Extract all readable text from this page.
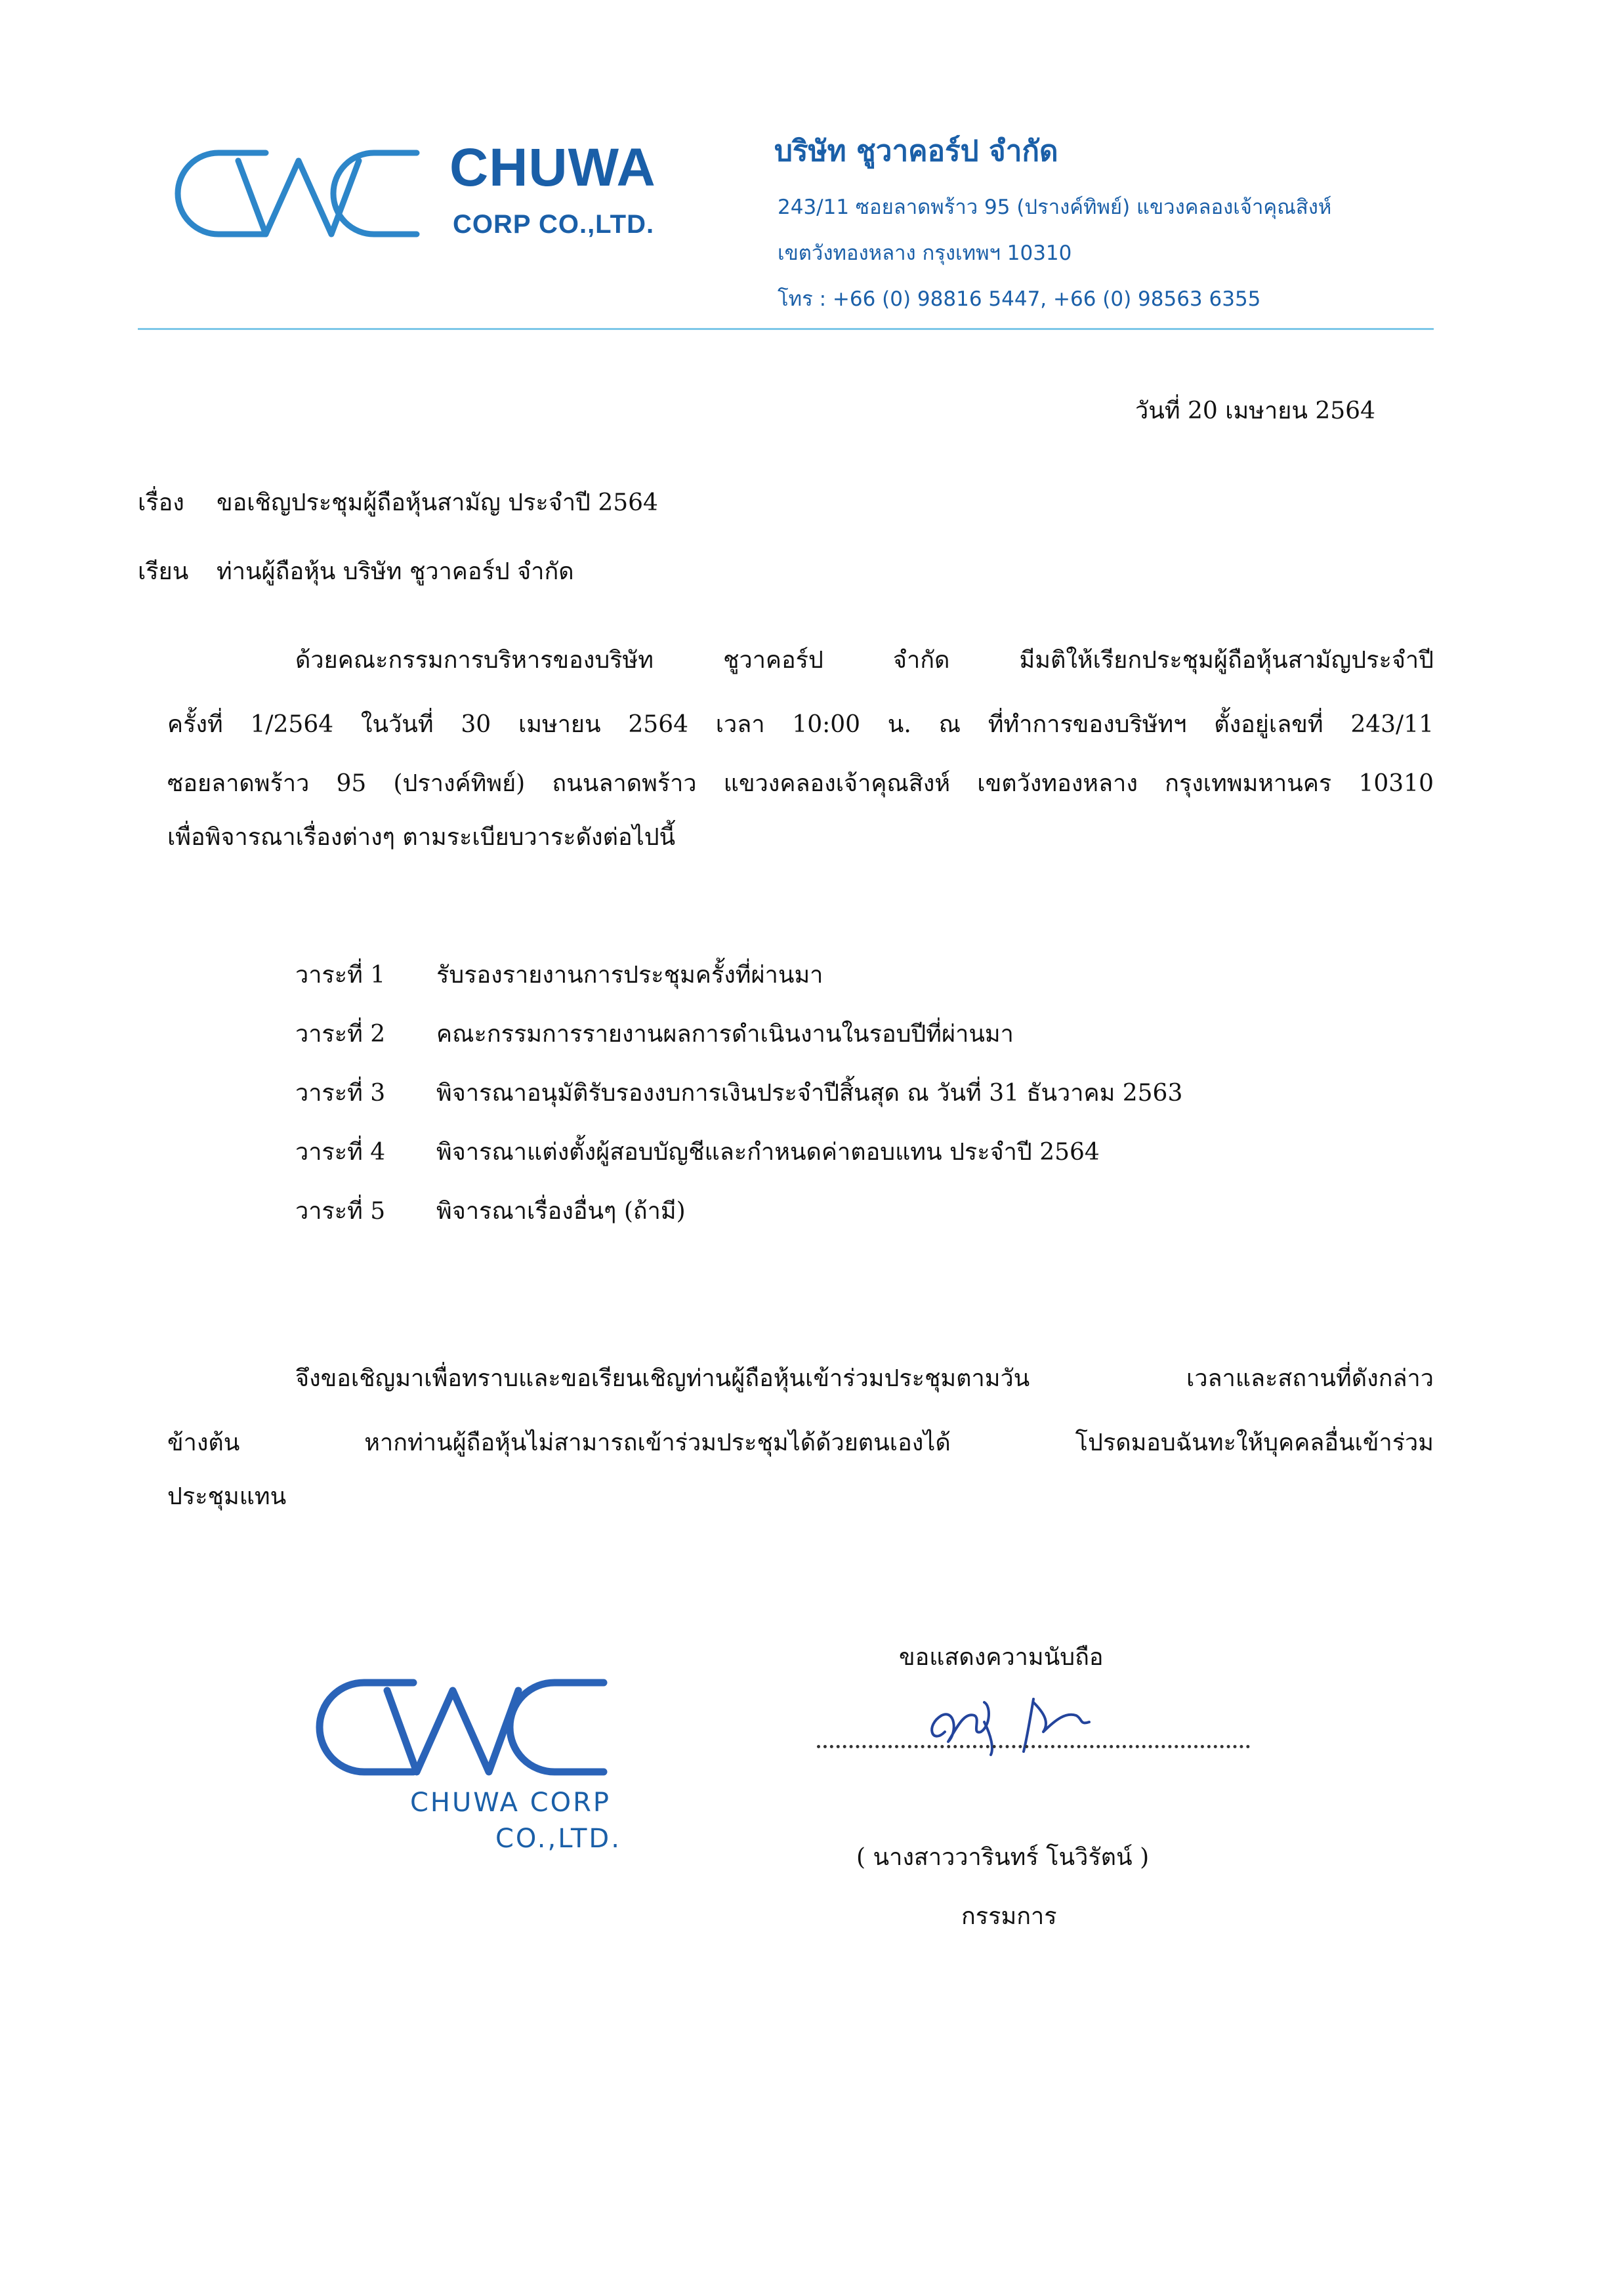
CHUWA
CORP CO.,LTD.
บริษัท ชูวาคอร์ป จำกัด
243/11 ซอยลาดพร้าว 95 (ปรางค์ทิพย์) แขวงคลองเจ้าคุณสิงห์
เขตวังทองหลาง กรุงเทพฯ 10310
โทร : +66 (0) 98816 5447, +66 (0) 98563 6355
วันที่ 20 เมษายน 2564
เรื่อง ขอเชิญประชุมผู้ถือหุ้นสามัญ ประจำปี 2564
เรียน ท่านผู้ถือหุ้น บริษัท ชูวาคอร์ป จำกัด
ด้วยคณะกรรมการบริหารของบริษัท ชูวาคอร์ป จำกัด มีมติให้เรียกประชุมผู้ถือหุ้นสามัญประจำปี
ครั้งที่ 1/2564 ในวันที่ 30 เมษายน 2564 เวลา 10:00 น. ณ ที่ทำการของบริษัทฯ ตั้งอยู่เลขที่ 243/11
ซอยลาดพร้าว 95 (ปรางค์ทิพย์) ถนนลาดพร้าว แขวงคลองเจ้าคุณสิงห์ เขตวังทองหลาง กรุงเทพมหานคร 10310
เพื่อพิจารณาเรื่องต่างๆ ตามระเบียบวาระดังต่อไปนี้
วาระที่ 1 รับรองรายงานการประชุมครั้งที่ผ่านมา
วาระที่ 2 คณะกรรมการรายงานผลการดำเนินงานในรอบปีที่ผ่านมา
วาระที่ 3 พิจารณาอนุมัติรับรองงบการเงินประจำปีสิ้นสุด ณ วันที่ 31 ธันวาคม 2563
วาระที่ 4 พิจารณาแต่งตั้งผู้สอบบัญชีและกำหนดค่าตอบแทน ประจำปี 2564
วาระที่ 5 พิจารณาเรื่องอื่นๆ (ถ้ามี)
จึงขอเชิญมาเพื่อทราบและขอเรียนเชิญท่านผู้ถือหุ้นเข้าร่วมประชุมตามวัน เวลาและสถานที่ดังกล่าว
ข้างต้น หากท่านผู้ถือหุ้นไม่สามารถเข้าร่วมประชุมได้ด้วยตนเองได้ โปรดมอบฉันทะให้บุคคลอื่นเข้าร่วม
ประชุมแทน
ขอแสดงความนับถือ
( นางสาววารินทร์ โนวิรัตน์ )
กรรมการ
CHUWA CORP
CO.,LTD.
